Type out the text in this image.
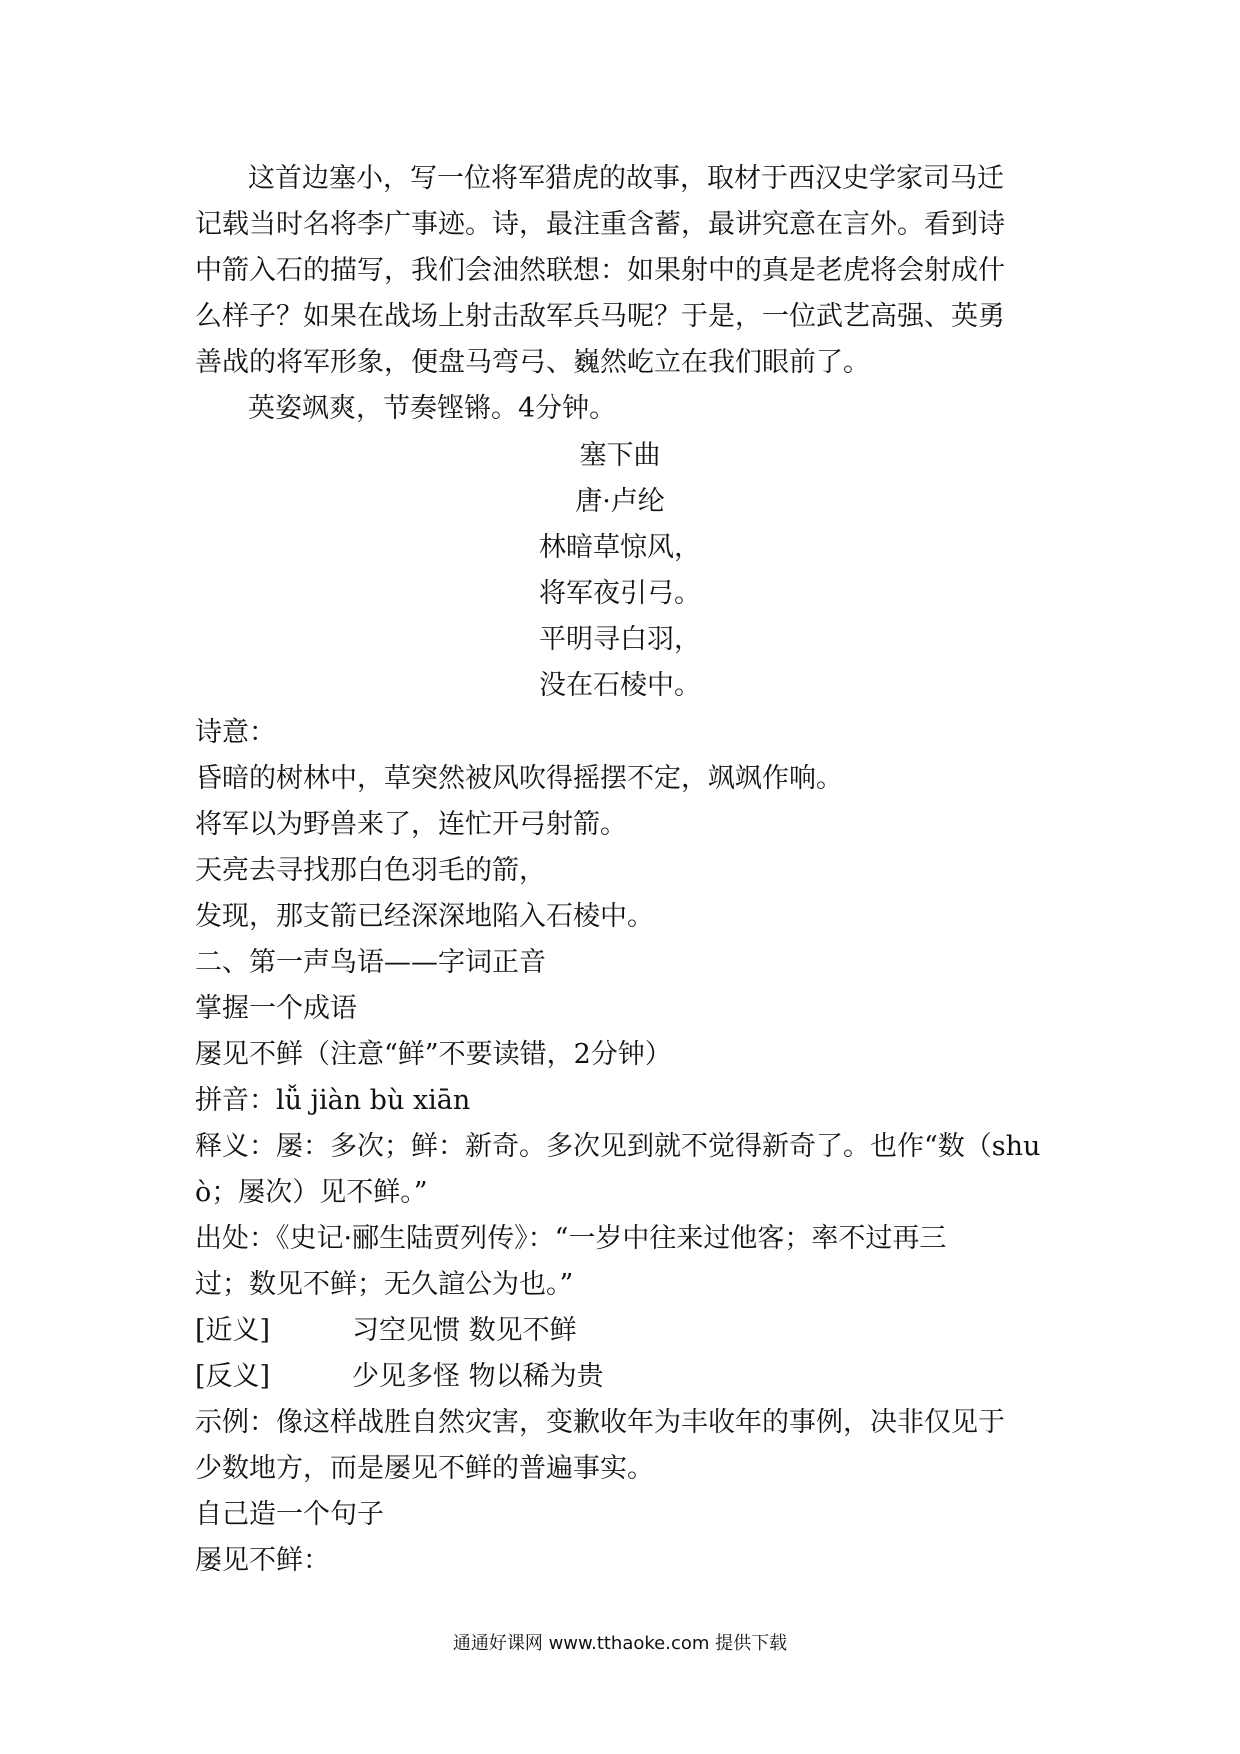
这首边塞小，写一位将军猎虎的故事，取材于西汉史学家司马迁
记载当时名将李广事迹。诗，最注重含蓄，最讲究意在言外。看到诗
中箭入石的描写，我们会油然联想：如果射中的真是老虎将会射成什
么样子？如果在战场上射击敌军兵马呢？于是，一位武艺高强、英勇
善战的将军形象，便盘马弯弓、巍然屹立在我们眼前了。
英姿飒爽，节奏铿锵。4分钟。
塞下曲
唐·卢纶
林暗草惊风，
将军夜引弓。
平明寻白羽，
没在石棱中。
诗意：
昏暗的树林中，草突然被风吹得摇摆不定，飒飒作响。
将军以为野兽来了，连忙开弓射箭。
天亮去寻找那白色羽毛的箭，
发现，那支箭已经深深地陷入石棱中。
二、第一声鸟语——字词正音
掌握一个成语
屡见不鲜（注意“鲜”不要读错，2分钟）
拼音：lǚ jiàn bù xiān
释义：屡：多次；鲜：新奇。多次见到就不觉得新奇了。也作“数（shu
ò；屡次）见不鲜。”
出处：《史记·郦生陆贾列传》：“一岁中往来过他客；率不过再三
过；数见不鲜；无久諠公为也。”
[近义]	习空见惯 数见不鲜
[反义]	少见多怪 物以稀为贵
示例：像这样战胜自然灾害，变歉收年为丰收年的事例，决非仅见于
少数地方，而是屡见不鲜的普遍事实。
自己造一个句子
屡见不鲜：
通通好课网 www.tthaoke.com 提供下载
